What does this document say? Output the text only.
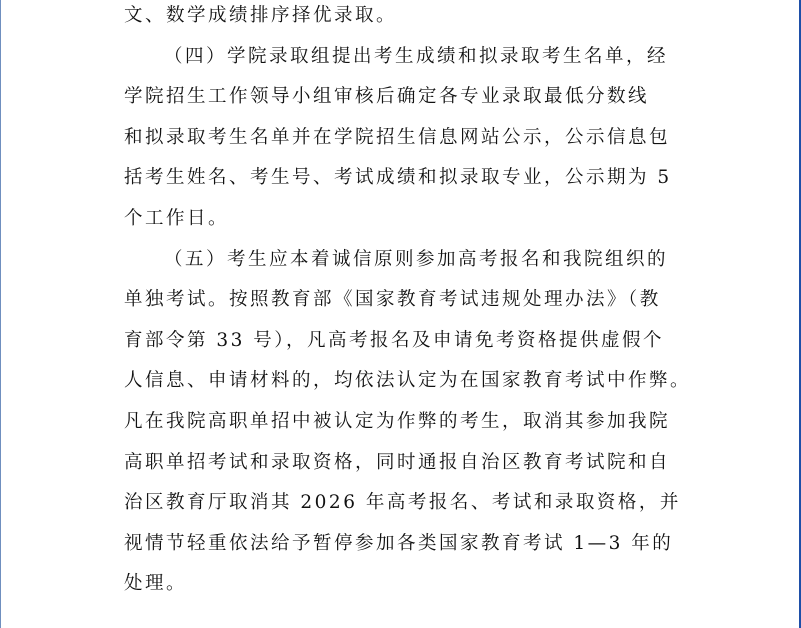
文、数学成绩排序择优录取。
（四）学院录取组提出考生成绩和拟录取考生名单，经
学院招生工作领导小组审核后确定各专业录取最低分数线
和拟录取考生名单并在学院招生信息网站公示，公示信息包
括考生姓名、考生号、考试成绩和拟录取专业，公示期为 5
个工作日。
（五）考生应本着诚信原则参加高考报名和我院组织的
单独考试。按照教育部《国家教育考试违规处理办法》（教
育部令第 33 号），凡高考报名及申请免考资格提供虚假个
人信息、申请材料的，均依法认定为在国家教育考试中作弊。
凡在我院高职单招中被认定为作弊的考生，取消其参加我院
高职单招考试和录取资格，同时通报自治区教育考试院和自
治区教育厅取消其 2026 年高考报名、考试和录取资格，并
视情节轻重依法给予暂停参加各类国家教育考试 1—3 年的
处理。
